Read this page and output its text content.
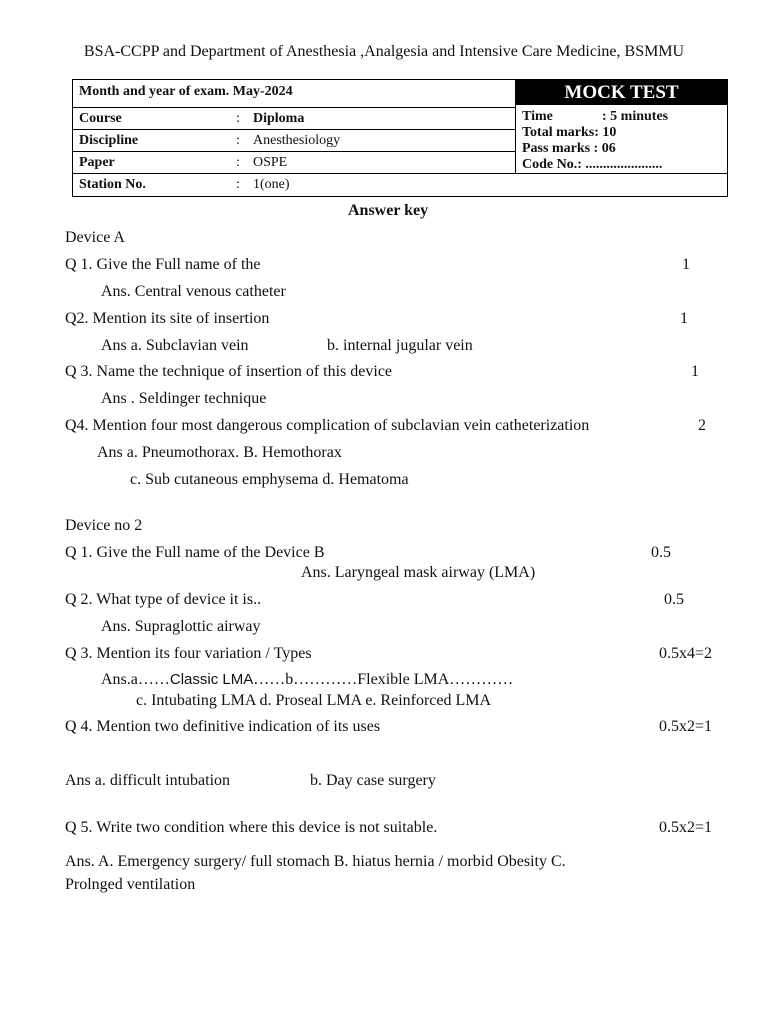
BSA-CCPP and Department of Anesthesia ,Analgesia and Intensive Care Medicine, BSMMU
Month and year of exam. May-2024
Course	: Diploma
Discipline	: Anesthesiology
Paper	: OSPE

MOCK TEST
Time	: 5 minutes
Total marks: 10
Pass marks : 06
Code No.: ......................

Station No.	: 1(one)
Answer key
Device A
Q 1. Give the Full name of the	1
Ans. Central venous catheter
Q2. Mention its site of insertion	1
Ans a. Subclavian vein	b. internal jugular vein
Q 3. Name the technique of insertion of this device	1
Ans . Seldinger technique
Q4. Mention four most dangerous complication of subclavian vein catheterization	2
Ans a. Pneumothorax. B. Hemothorax
c. Sub cutaneous emphysema d. Hematoma
Device no 2
Q 1. Give the Full name of the Device B	0.5
Ans. Laryngeal mask airway (LMA)
Q 2. What type of device it is..	0.5
Ans. Supraglottic airway
Q 3. Mention its four variation / Types	0.5x4=2
Ans.a……Classic LMA……b…………Flexible LMA…………
c. Intubating LMA d. Proseal LMA e. Reinforced LMA
Q 4. Mention two definitive indication of its uses	0.5x2=1
Ans a. difficult intubation	b. Day case surgery
Q 5. Write two condition where this device is not suitable.	0.5x2=1
Ans. A. Emergency surgery/ full stomach B. hiatus hernia / morbid Obesity C.
Prolnged ventilation
